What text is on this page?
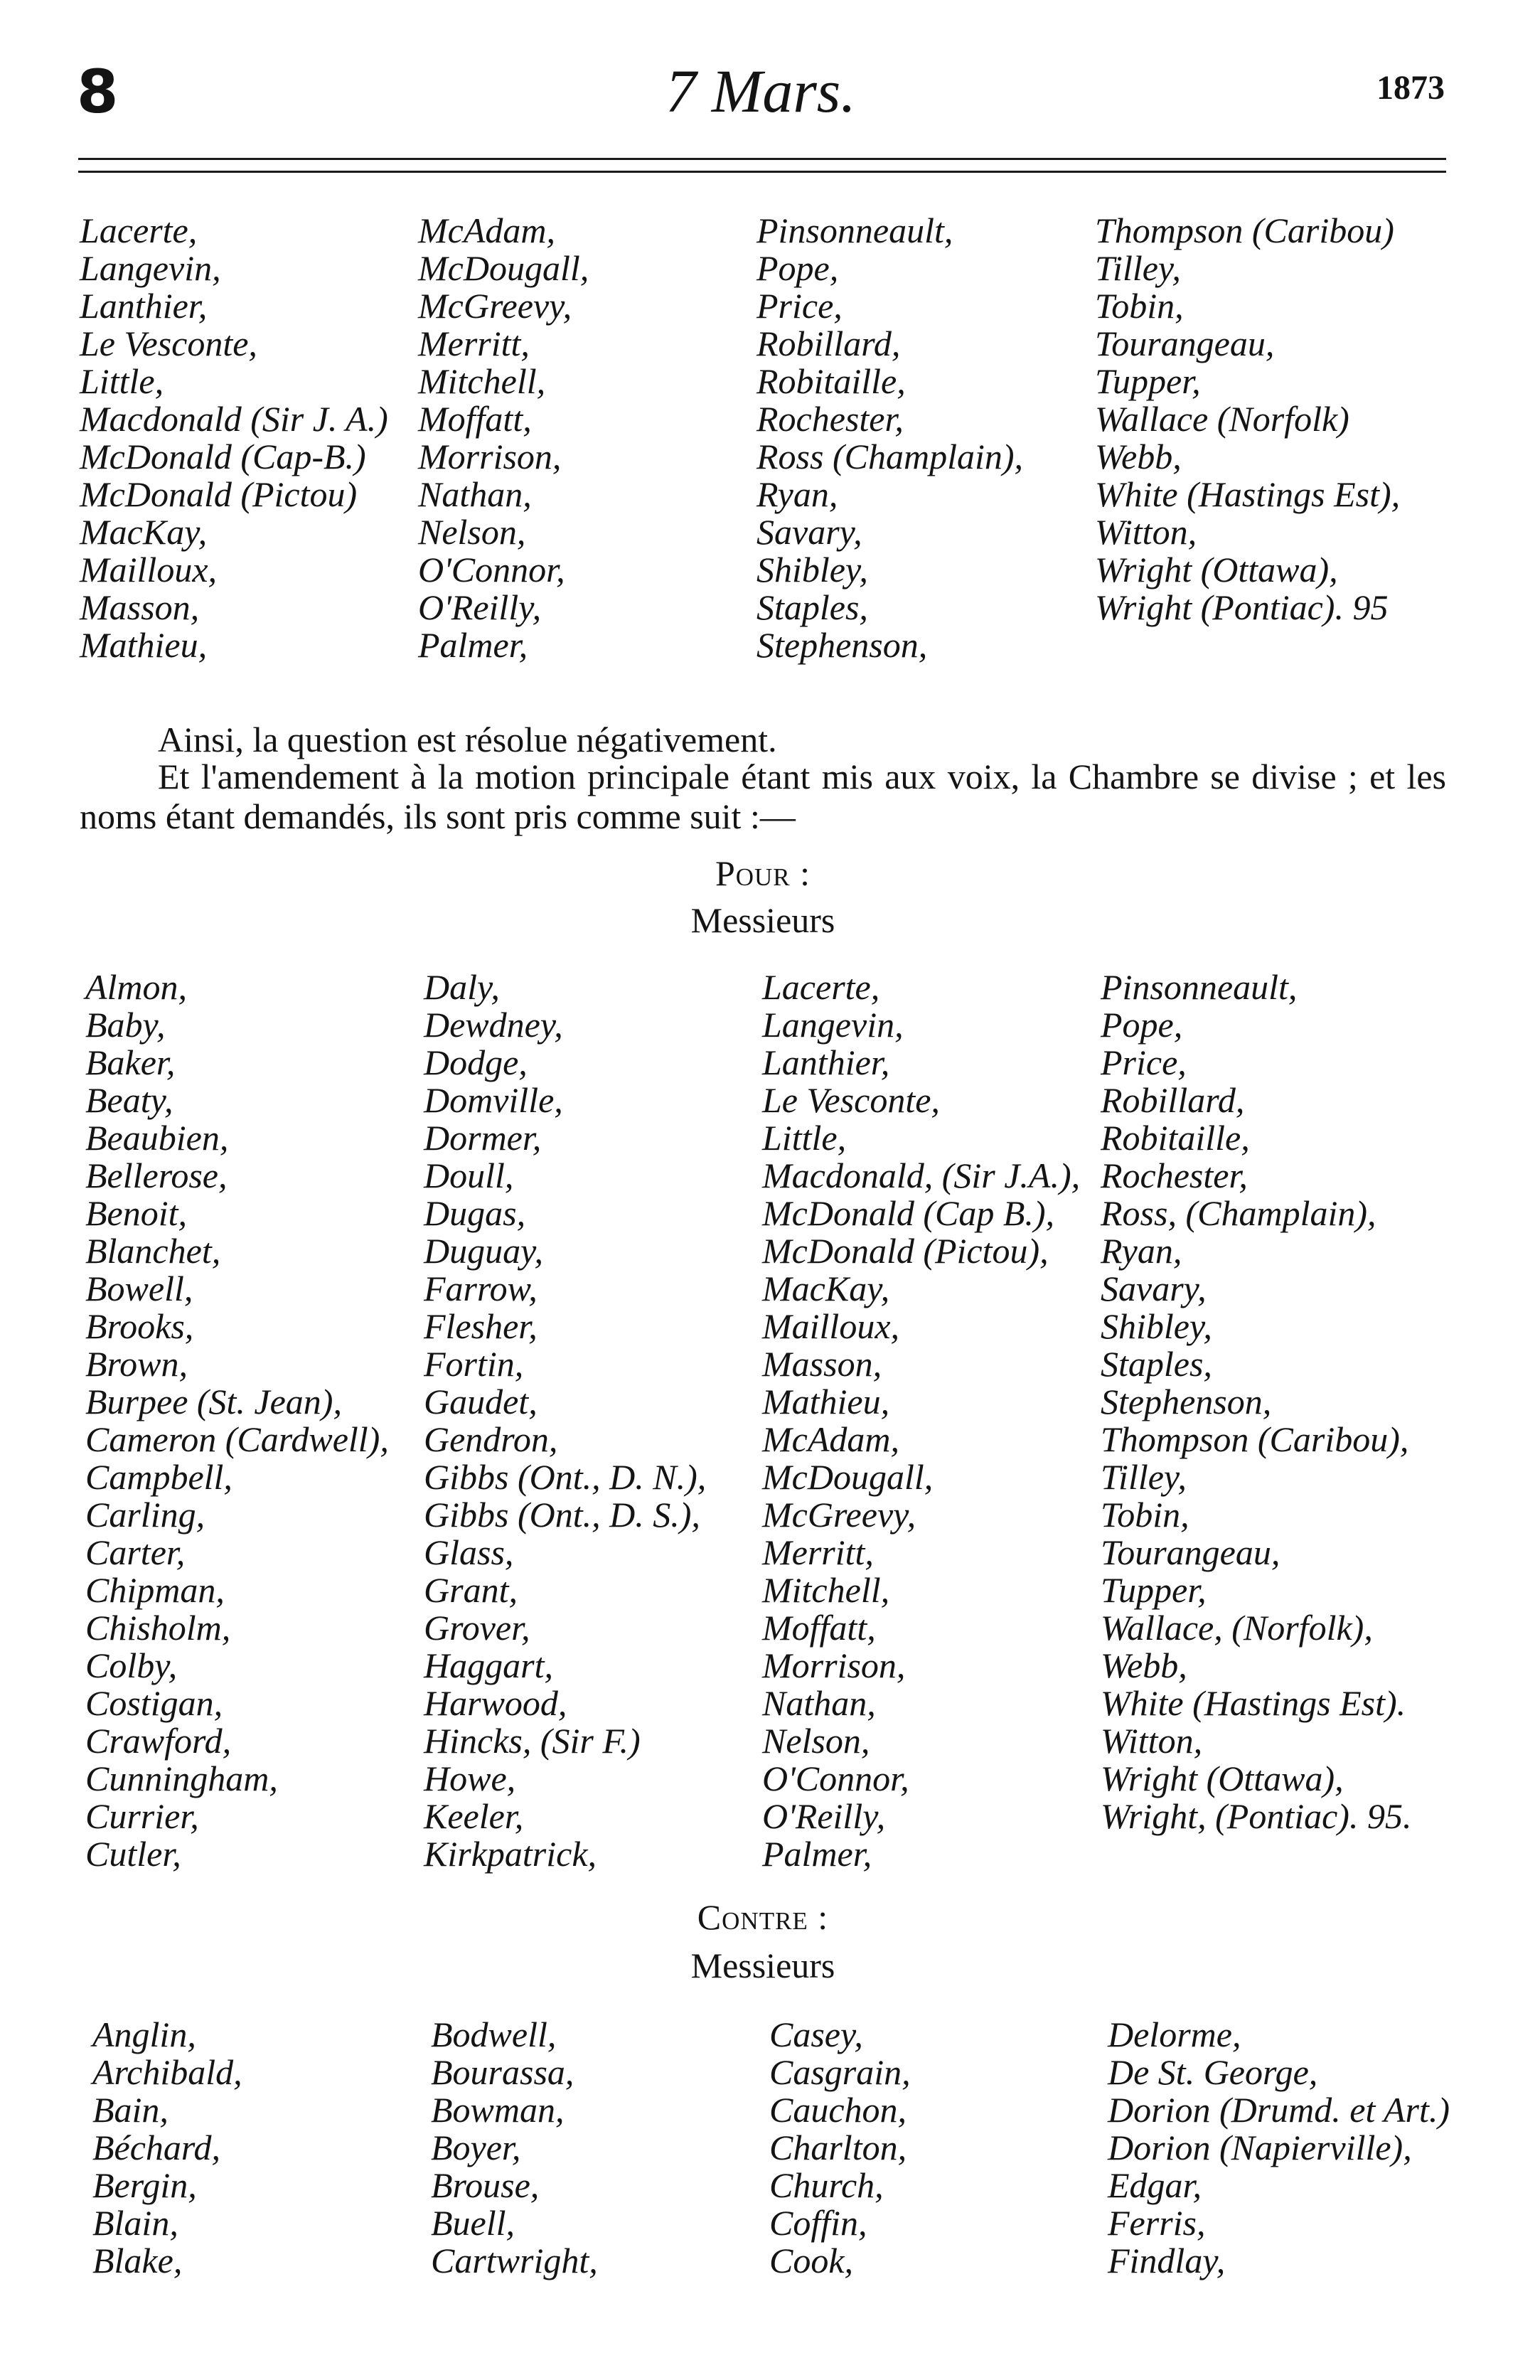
8	7 Mars.	1873
Lacerte,	McAdam,	Pinsonneault,	Thompson (Caribou)
Langevin,	McDougall,	Pope,	Tilley,
Lanthier,	McGreevy,	Price,	Tobin,
Le Vesconte,	Merritt,	Robillard,	Tourangeau,
Little,	Mitchell,	Robitaille,	Tupper,
Macdonald (Sir J. A.) Moffatt,	Rochester,	Wallace (Norfolk)
McDonald (Cap-B.)	Morrison,	Ross (Champlain),	Webb,
McDonald (Pictou)	Nathan,	Ryan,	White (Hastings Est),
MacKay,	Nelson,	Savary,	Witton,
Mailloux,	O'Connor,	Shibley,	Wright (Ottawa),
Masson,	O'Reilly,	Staples,	Wright (Pontiac). 95
Mathieu,	Palmer,	Stephenson,
Ainsi, la question est résolue négativement.
Et l'amendement à la motion principale étant mis aux voix, la Chambre se divise ; et les noms étant demandés, ils sont pris comme suit :—
Pour :
Messieurs
Almon,	Daly,	Lacerte,	Pinsonneault,
Baby,	Dewdney,	Langevin,	Pope,
Baker,	Dodge,	Lanthier,	Price,
Beaty,	Domville,	Le Vesconte,	Robillard,
Beaubien,	Dormer,	Little,	Robitaille,
Bellerose,	Doull,	Macdonald, (Sir J.A.), Rochester,
Benoit,	Dugas,	McDonald (Cap B.),	Ross, (Champlain),
Blanchet,	Duguay,	McDonald (Pictou),	Ryan,
Bowell,	Farrow,	MacKay,	Savary,
Brooks,	Flesher,	Mailloux,	Shibley,
Brown,	Fortin,	Masson,	Staples,
Burpee (St. Jean),	Gaudet,	Mathieu,	Stephenson,
Cameron (Cardwell), Gendron,	McAdam,	Thompson (Caribou),
Campbell,	Gibbs (Ont., D. N.),	McDougall,	Tilley,
Carling,	Gibbs (Ont., D. S.),	McGreevy,	Tobin,
Carter,	Glass,	Merritt,	Tourangeau,
Chipman,	Grant,	Mitchell,	Tupper,
Chisholm,	Grover,	Moffatt,	Wallace, (Norfolk),
Colby,	Haggart,	Morrison,	Webb,
Costigan,	Harwood,	Nathan,	White (Hastings Est).
Crawford,	Hincks, (Sir F.)	Nelson,	Witton,
Cunningham,	Howe,	O'Connor,	Wright (Ottawa),
Currier,	Keeler,	O'Reilly,	Wright, (Pontiac). 95.
Cutler,	Kirkpatrick,	Palmer,
Contre :
Messieurs
Anglin,	Bodwell,	Casey,	Delorme,
Archibald,	Bourassa,	Casgrain,	De St. George,
Bain,	Bowman,	Cauchon,	Dorion (Drumd. et Art.)
Béchard,	Boyer,	Charlton,	Dorion (Napierville),
Bergin,	Brouse,	Church,	Edgar,
Blain,	Buell,	Coffin,	Ferris,
Blake,	Cartwright,	Cook,	Findlay,
